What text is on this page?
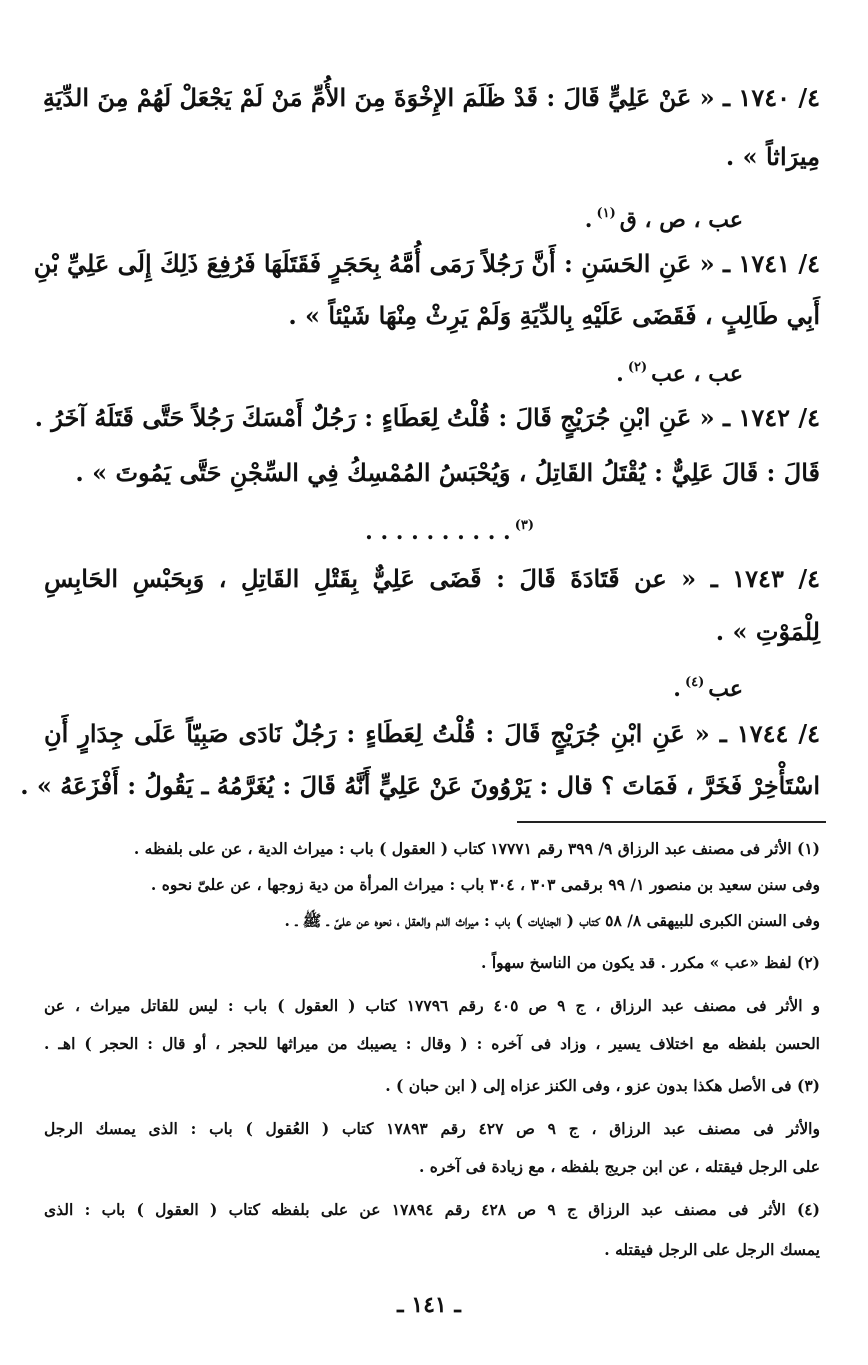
٤/ ١٧٤٠ ـ « عَنْ عَلِيٍّ قَالَ : قَدْ ظَلَمَ الإِخْوَةَ مِنَ الأُمِّ مَنْ لَمْ يَجْعَلْ لَهُمْ مِنَ الدِّيَةِ
مِيرَاثاً » .
عب ، ص ، ق$^{(١)}$.
٤/ ١٧٤١ ـ « عَنِ الحَسَنِ : أَنَّ رَجُلاً رَمَى أُمَّهُ بِحَجَرٍ فَقَتَلَهَا فَرُفِعَ ذَلِكَ إِلَى عَلِيِّ بْنِ
أَبِي طَالِبٍ ، فَقَضَى عَلَيْهِ بِالدِّيَةِ وَلَمْ يَرِثْ مِنْهَا شَيْئاً » .
عب ، عب$^{(٢)}$.
٤/ ١٧٤٢ ـ « عَنِ ابْنِ جُرَيْجٍ قَالَ : قُلْتُ لِعَطَاءٍ : رَجُلٌ أَمْسَكَ رَجُلاً حَتَّى قَتَلَهُ آخَرُ .
قَالَ : قَالَ عَلِيٌّ : يُقْتَلُ القَاتِلُ ، وَيُحْبَسُ المُمْسِكُ فِي السِّجْنِ حَتَّى يَمُوتَ » .
$^{(٣)}$. . . . . . . . . .
٤/ ١٧٤٣ ـ « عن قَتَادَةَ قَالَ : قَضَى عَلِيٌّ بِقَتْلِ القَاتِلِ ، وَبِحَبْسِ الحَابِسِ
لِلْمَوْتِ » .
عب$^{(٤)}$.
٤/ ١٧٤٤ ـ « عَنِ ابْنِ جُرَيْجٍ قَالَ : قُلْتُ لِعَطَاءٍ : رَجُلٌ نَادَى صَبِيّاً عَلَى جِدَارٍ أَنِ
اسْتَأْخِرْ فَخَرَّ ، فَمَاتَ ؟ قال : يَرْوُونَ عَنْ عَلِيٍّ أَنَّهُ قَالَ : يُغَرَّمُهُ ـ يَقُولُ : أَفْزَعَهُ » .
(١) الأثر فى مصنف عبد الرزاق ٩/ ٣٩٩ رقم ١٧٧٧١ كتاب ( العقول ) باب : ميراث الدية ، عن على بلفظه .
وفى سنن سعيد بن منصور ١/ ٩٩ برقمى ٣٠٣ ، ٣٠٤ باب : ميراث المرأة من دية زوجها ، عن علىّ نحوه .
وفى السنن الكبرى للبيهقى ٨/ ٥٨ كتاب ( الجنايات ) باب : ميراث الدم والعقل ، نحوه عن علىّ ـ ﷺ ـ .
(٢) لفظ «عب » مكرر . قد يكون من الناسخ سهواً .
و الأثر فى مصنف عبد الرزاق ، ج ٩ ص ٤٠٥ رقم ١٧٧٩٦ كتاب ( العقول ) باب : ليس للقاتل ميراث ، عن
الحسن بلفظه مع اختلاف يسير ، وزاد فى آخره : ( وقال : يصيبك من ميراثها للحجر ، أو قال : الحجر ) اهـ .
(٣) فى الأصل هكذا بدون عزو ، وفى الكنز عزاه إلى ( ابن حبان ) .
والأثر فى مصنف عبد الرزاق ، ج ٩ ص ٤٢٧ رقم ١٧٨٩٣ كتاب ( العُقول ) باب : الذى يمسك الرجل
على الرجل فيقتله ، عن ابن جريج بلفظه ، مع زيادة فى آخره .
(٤) الأثر فى مصنف عبد الرزاق ج ٩ ص ٤٢٨ رقم ١٧٨٩٤ عن على بلفظه كتاب ( العقول ) باب : الذى
يمسك الرجل على الرجل فيقتله .
ـ ١٤١ ـ
